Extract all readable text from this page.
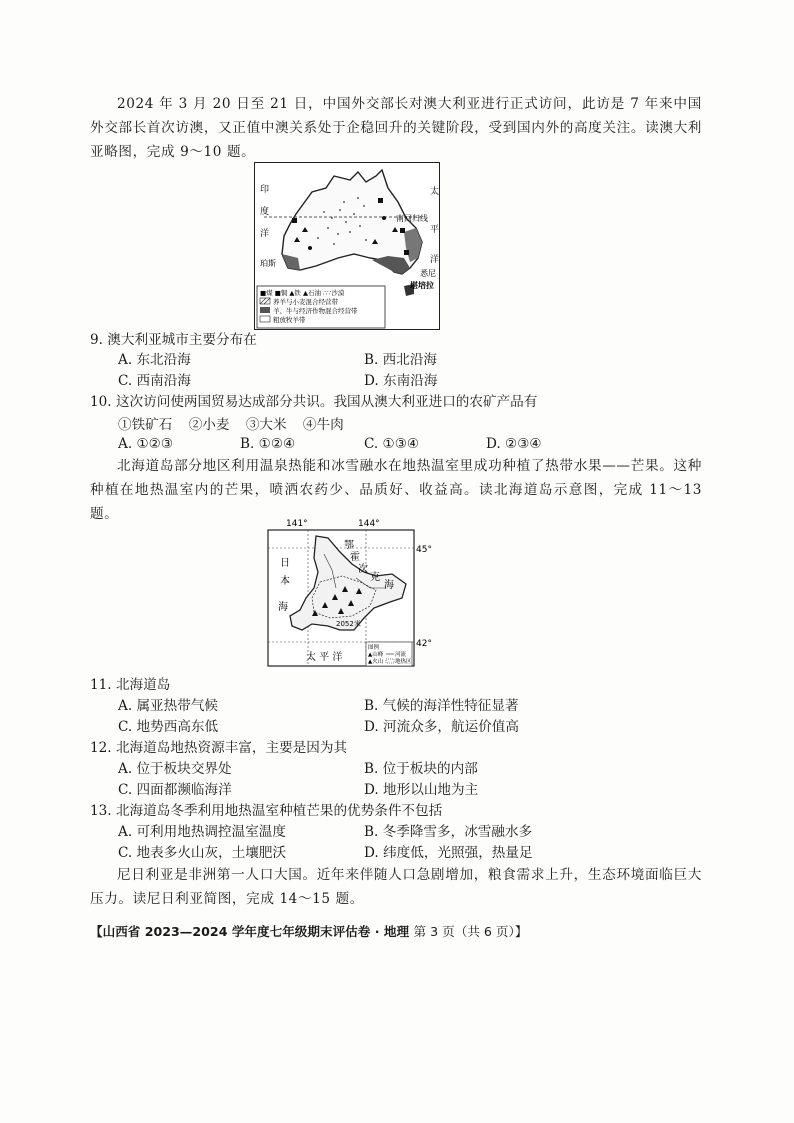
2024 年 3 月 20 日至 21 日，中国外交部长对澳大利亚进行正式访问，此访是 7 年来中国外交部长首次访澳，又正值中澳关系处于企稳回升的关键阶段，受到国内外的高度关注。读澳大利亚略图，完成 9～10 题。

印
度
洋
太
平
洋
南回归线
珀斯
悉尼
堪培拉
■煤 ■铜 ▲铁 ▲石油 ∴∵沙漠
养羊与小麦混合经营带
羊、牛与经济作物混合经营带
粗放牧羊带

9. 澳大利亚城市主要分布在

A. 东北沿海	B. 西北沿海

C. 西南沿海	D. 东南沿海

10. 这次访问使两国贸易达成部分共识。我国从澳大利亚进口的农矿产品有

①铁矿石 ②小麦 ③大米 ④牛肉

A. ①②③	B. ①②④	C. ①③④	D. ②③④

北海道岛部分地区利用温泉热能和冰雪融水在地热温室里成功种植了热带水果——芒果。这种种植在地热温室内的芒果，喷洒农药少、品质好、收益高。读北海道岛示意图，完成 11～13 题。

141°	144°
45°
42°
日
本
海
鄂
霍
次
克
海
太 平 洋
2052米
图例
▲山峰 河流
▲火山 地热区

11. 北海道岛

A. 属亚热带气候	B. 气候的海洋性特征显著

C. 地势西高东低	D. 河流众多，航运价值高

12. 北海道岛地热资源丰富，主要是因为其

A. 位于板块交界处	B. 位于板块的内部

C. 四面都濒临海洋	D. 地形以山地为主

13. 北海道岛冬季利用地热温室种植芒果的优势条件不包括

A. 可利用地热调控温室温度	B. 冬季降雪多，冰雪融水多

C. 地表多火山灰，土壤肥沃	D. 纬度低，光照强，热量足

尼日利亚是非洲第一人口大国。近年来伴随人口急剧增加，粮食需求上升，生态环境面临巨大压力。读尼日利亚简图，完成 14～15 题。

【山西省 2023—2024 学年度七年级期末评估卷 · 地理 第 3 页（共 6 页）】
